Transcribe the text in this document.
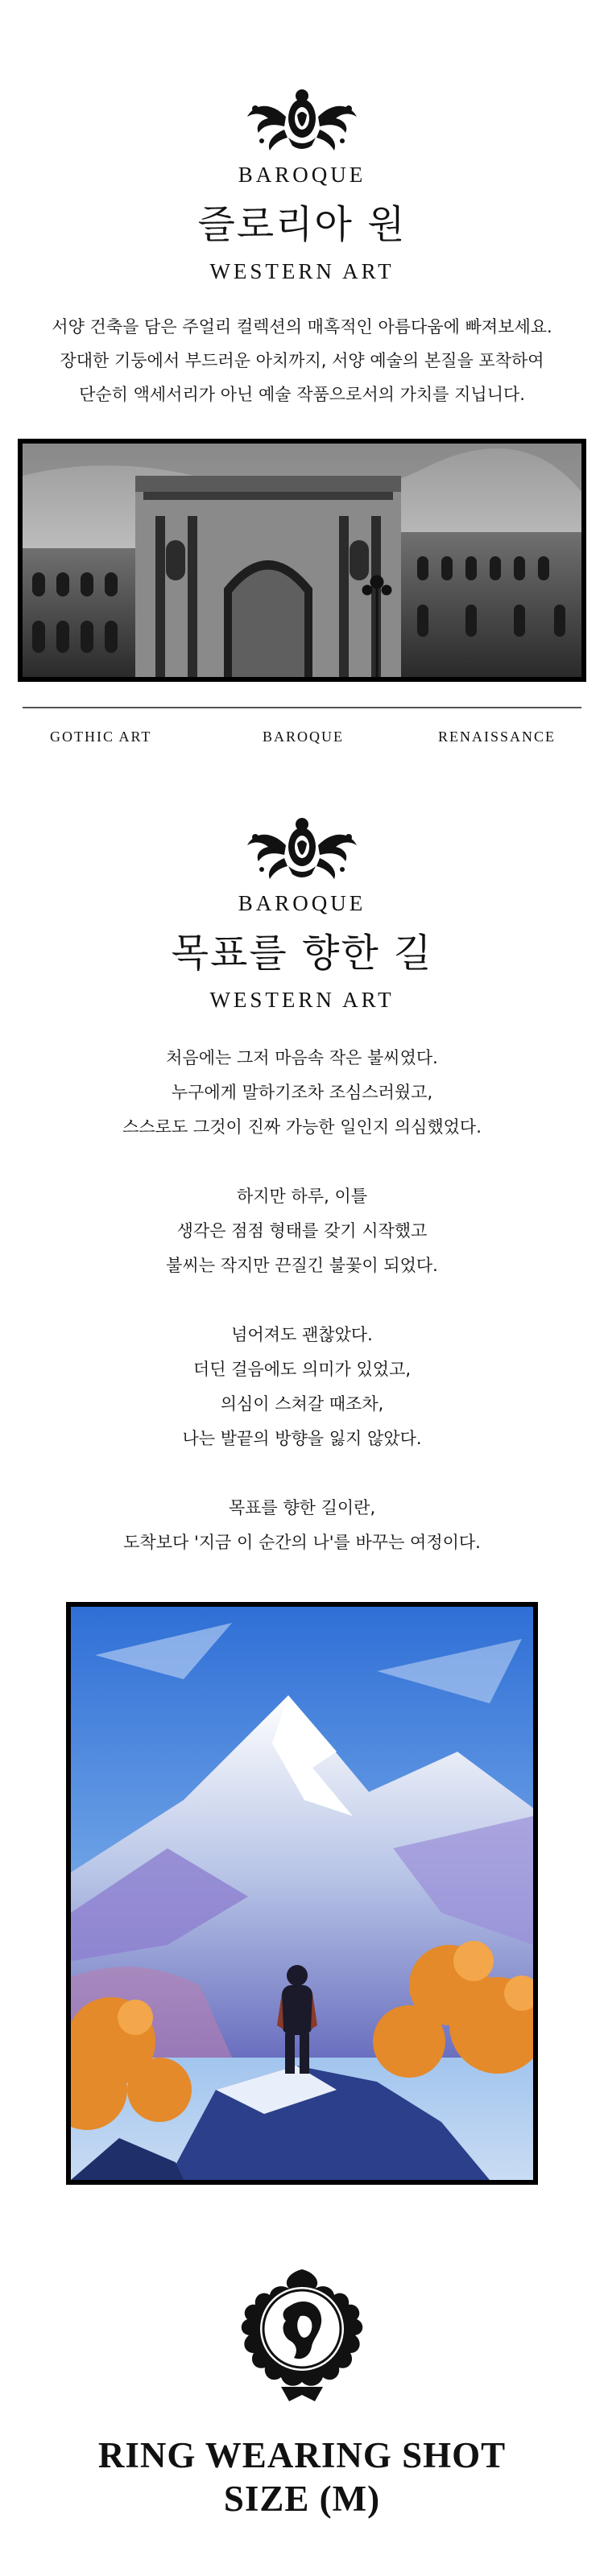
BAROQUE
즐로리아 원
WESTERN ART
서양 건축을 담은 주얼리 컬렉션의 매혹적인 아름다움에 빠져보세요.
장대한 기둥에서 부드러운 아치까지, 서양 예술의 본질을 포착하여
단순히 액세서리가 아닌 예술 작품으로서의 가치를 지닙니다.
GOTHIC ART	BAROQUE	RENAISSANCE
BAROQUE
목표를 향한 길
WESTERN ART
처음에는 그저 마음속 작은 불씨였다.
누구에게 말하기조차 조심스러웠고,
스스로도 그것이 진짜 가능한 일인지 의심했었다.
하지만 하루, 이틀
생각은 점점 형태를 갖기 시작했고
불씨는 작지만 끈질긴 불꽃이 되었다.
넘어져도 괜찮았다.
더딘 걸음에도 의미가 있었고,
의심이 스쳐갈 때조차,
나는 발끝의 방향을 잃지 않았다.
목표를 향한 길이란,
도착보다 '지금 이 순간의 나'를 바꾸는 여정이다.
RING WEARING SHOT
SIZE (M)
